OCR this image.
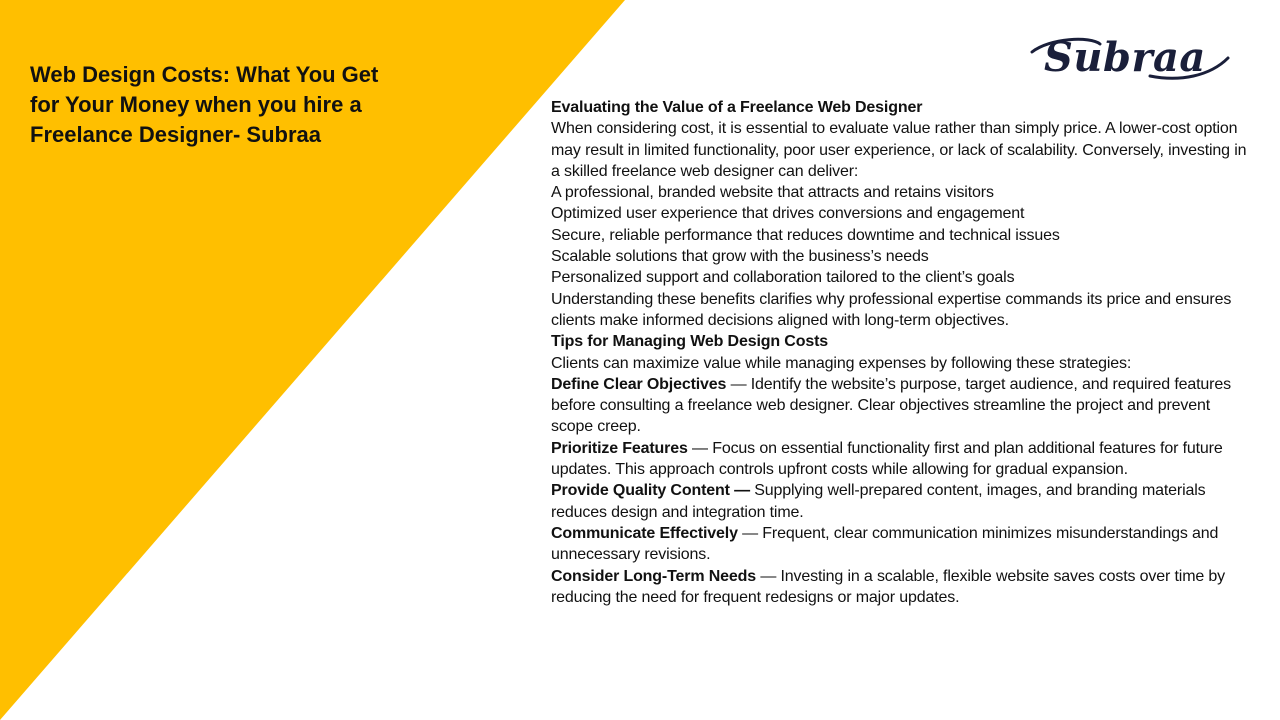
Web Design Costs: What You Get for Your Money when you hire a Freelance Designer- Subraa
Subraa

Evaluating the Value of a Freelance Web Designer

When considering cost, it is essential to evaluate value rather than simply price. A lower-cost option may result in limited functionality, poor user experience, or lack of scalability. Conversely, investing in a skilled freelance web designer can deliver:

A professional, branded website that attracts and retains visitors

Optimized user experience that drives conversions and engagement

Secure, reliable performance that reduces downtime and technical issues

Scalable solutions that grow with the business’s needs

Personalized support and collaboration tailored to the client’s goals

Understanding these benefits clarifies why professional expertise commands its price and ensures clients make informed decisions aligned with long-term objectives.

Tips for Managing Web Design Costs

Clients can maximize value while managing expenses by following these strategies:

Define Clear Objectives — Identify the website’s purpose, target audience, and required features before consulting a freelance web designer. Clear objectives streamline the project and prevent scope creep.

Prioritize Features — Focus on essential functionality first and plan additional features for future updates. This approach controls upfront costs while allowing for gradual expansion.

Provide Quality Content — Supplying well-prepared content, images, and branding materials reduces design and integration time.

Communicate Effectively — Frequent, clear communication minimizes misunderstandings and unnecessary revisions.

Consider Long-Term Needs — Investing in a scalable, flexible website saves costs over time by reducing the need for frequent redesigns or major updates.
